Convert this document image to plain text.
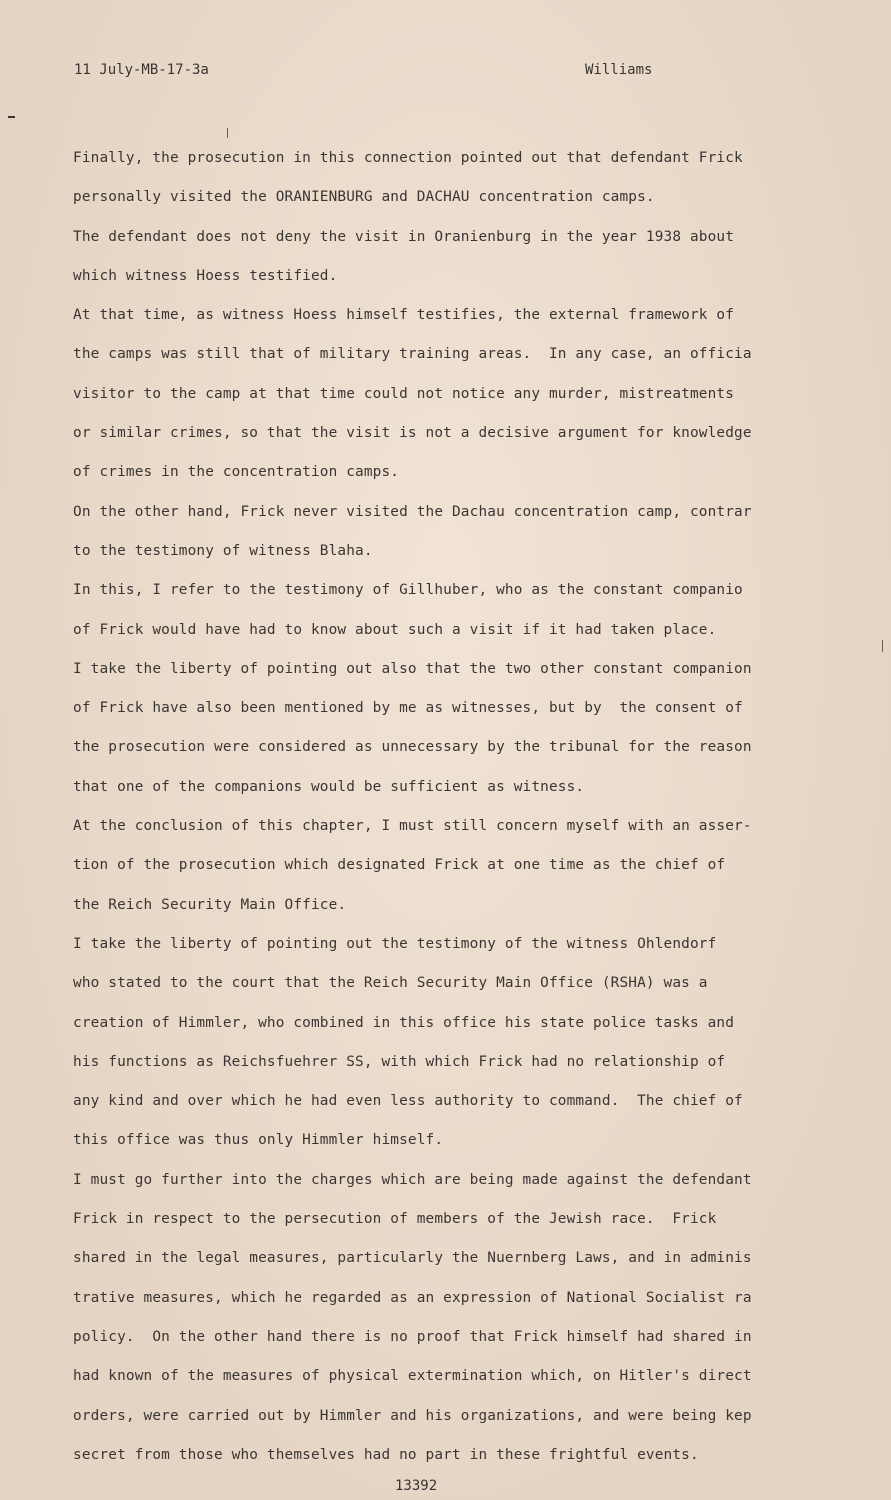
11 July-MB-17-3a	Williams
Finally, the prosecution in this connection pointed out that defendant Frick
personally visited the ORANIENBURG and DACHAU concentration camps.
The defendant does not deny the visit in Oranienburg in the year 1938 about
which witness Hoess testified.
At that time, as witness Hoess himself testifies, the external framework of
the camps was still that of military training areas.  In any case, an officia
visitor to the camp at that time could not notice any murder, mistreatments
or similar crimes, so that the visit is not a decisive argument for knowledge
of crimes in the concentration camps.
On the other hand, Frick never visited the Dachau concentration camp, contrar
to the testimony of witness Blaha.
In this, I refer to the testimony of Gillhuber, who as the constant companio
of Frick would have had to know about such a visit if it had taken place.
I take the liberty of pointing out also that the two other constant companion
of Frick have also been mentioned by me as witnesses, but by  the consent of
the prosecution were considered as unnecessary by the tribunal for the reason
that one of the companions would be sufficient as witness.
At the conclusion of this chapter, I must still concern myself with an asser-
tion of the prosecution which designated Frick at one time as the chief of
the Reich Security Main Office.
I take the liberty of pointing out the testimony of the witness Ohlendorf
who stated to the court that the Reich Security Main Office (RSHA) was a
creation of Himmler, who combined in this office his state police tasks and
his functions as Reichsfuehrer SS, with which Frick had no relationship of
any kind and over which he had even less authority to command.  The chief of
this office was thus only Himmler himself.
I must go further into the charges which are being made against the defendant
Frick in respect to the persecution of members of the Jewish race.  Frick
shared in the legal measures, particularly the Nuernberg Laws, and in adminis
trative measures, which he regarded as an expression of National Socialist ra
policy.  On the other hand there is no proof that Frick himself had shared in
had known of the measures of physical extermination which, on Hitler's direct
orders, were carried out by Himmler and his organizations, and were being kep
secret from those who themselves had no part in these frightful events.
13392
